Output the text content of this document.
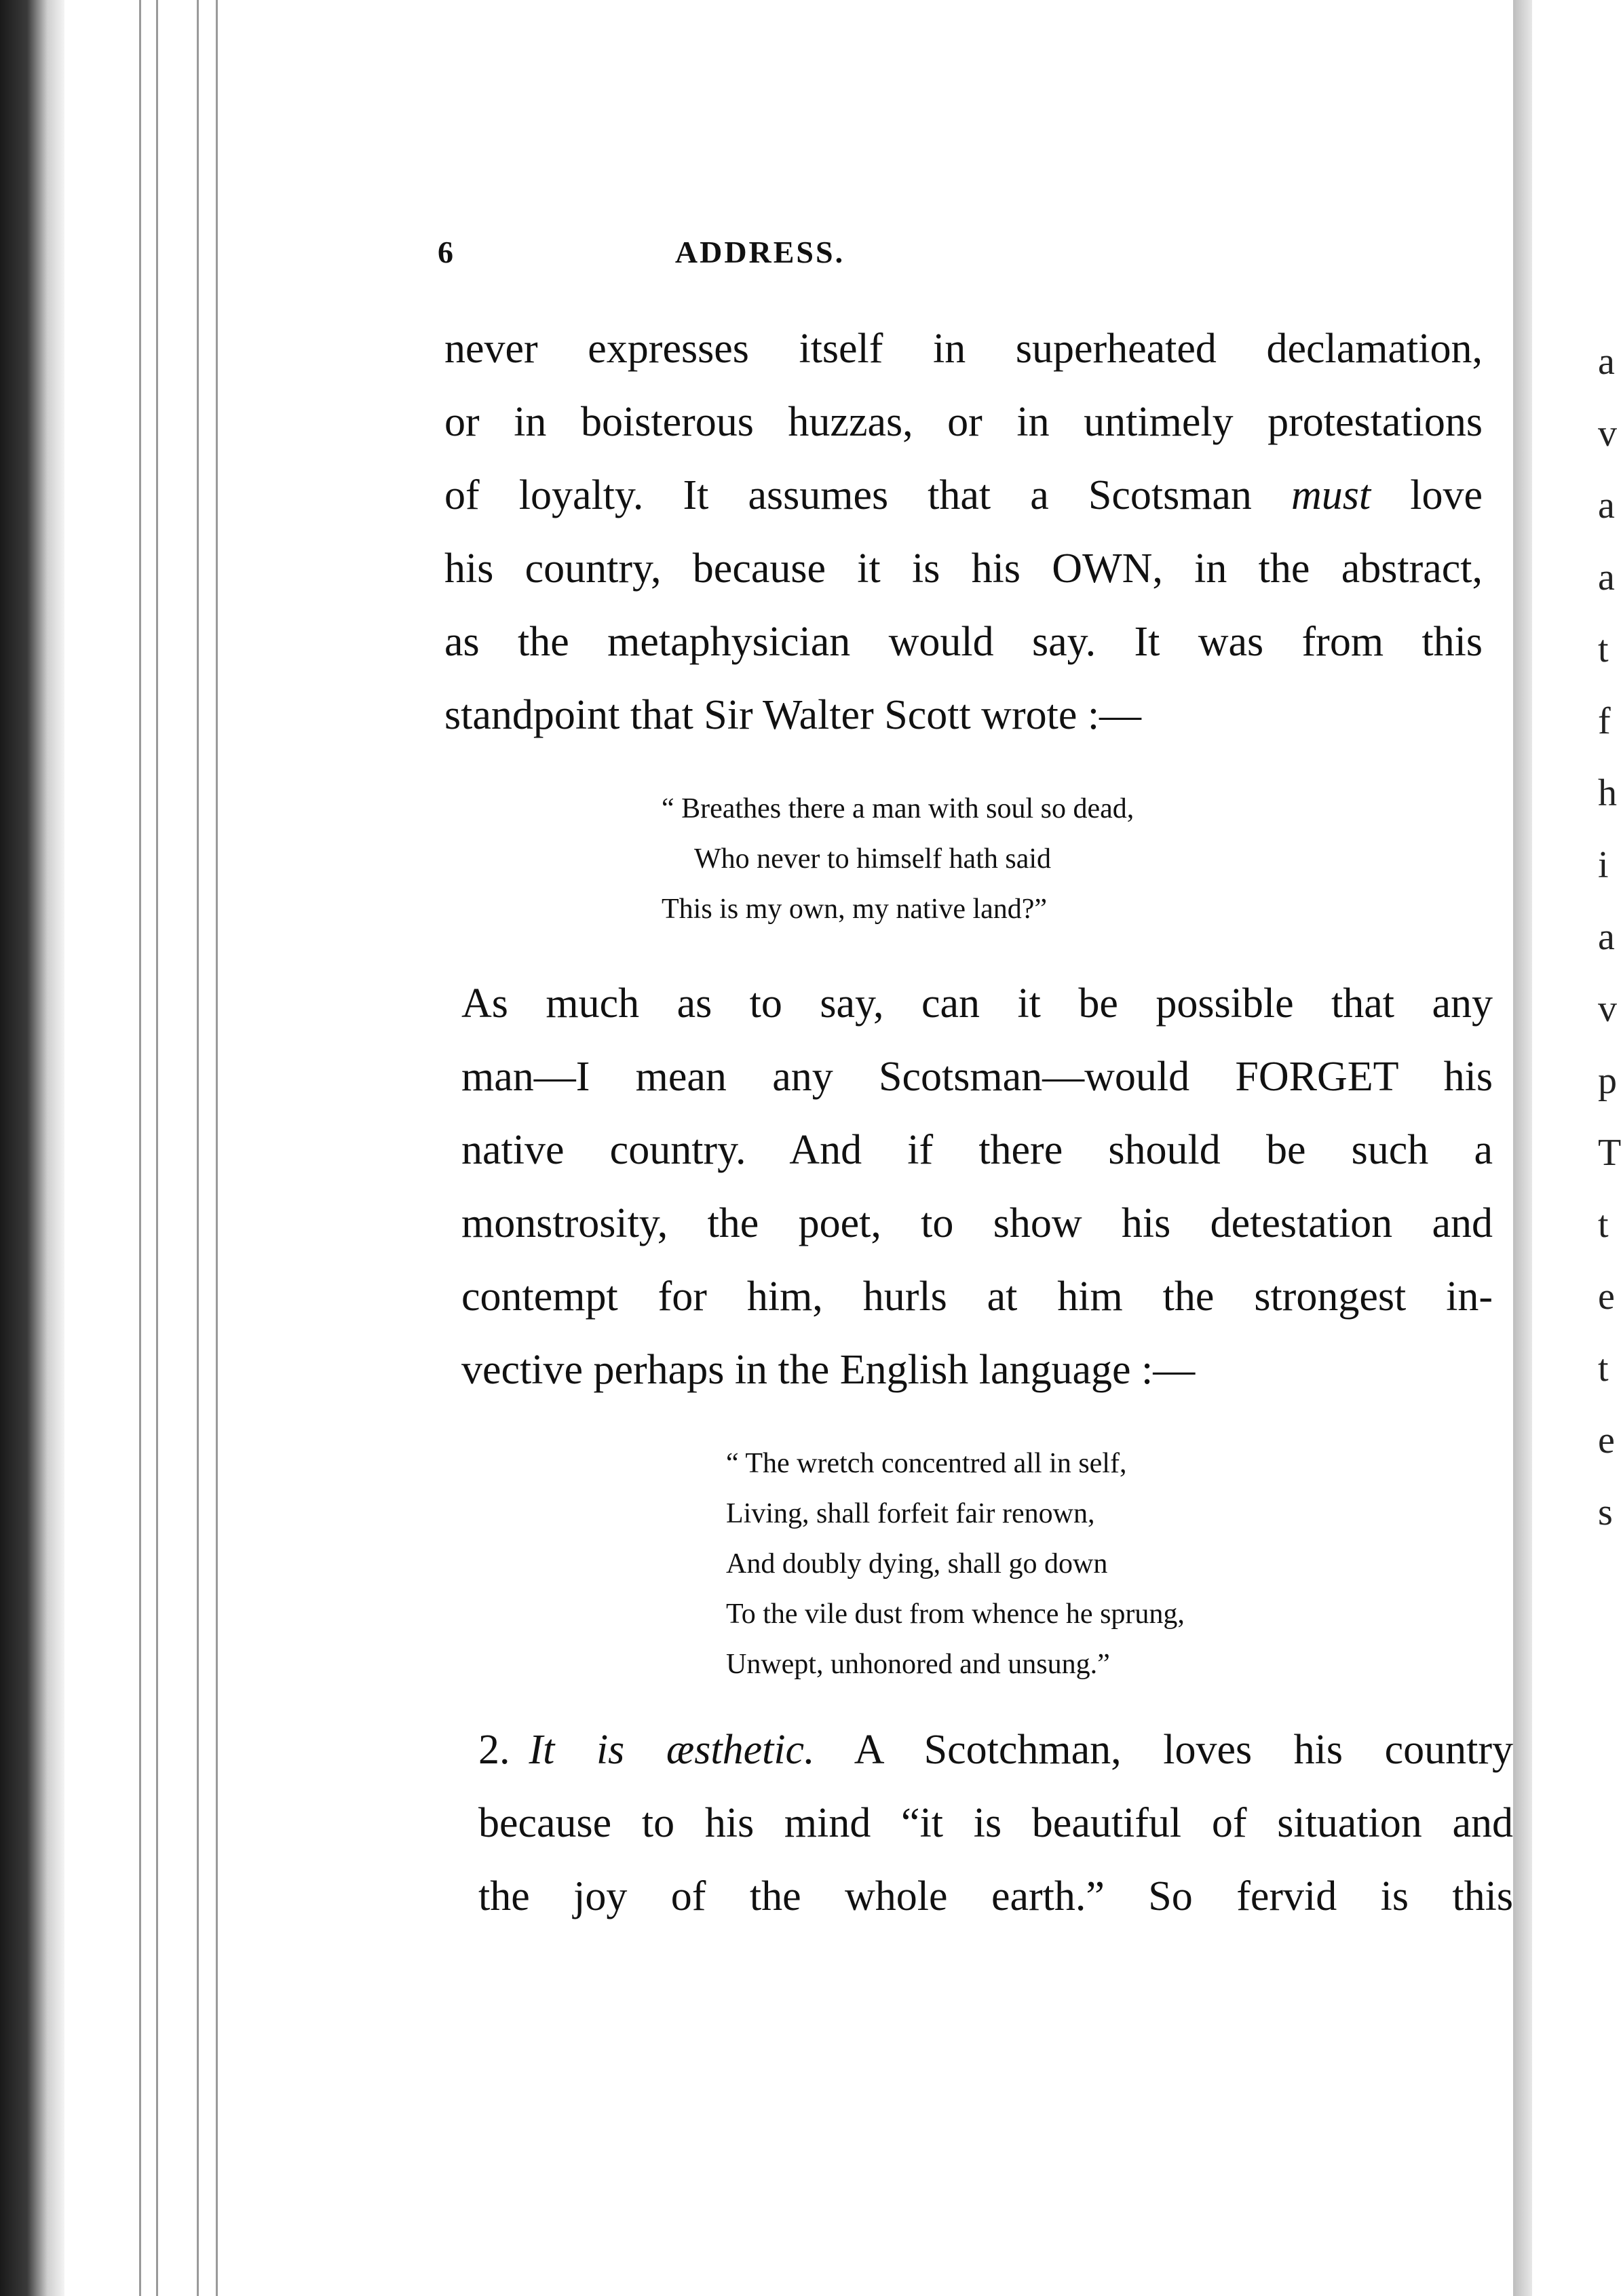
6	ADDRESS.
never expresses itself in superheated declamation,
or in boisterous huzzas, or in untimely protestations
of loyalty. It assumes that a Scotsman must love
his country, because it is his OWN, in the abstract,
as the metaphysician would say. It was from this
standpoint that Sir Walter Scott wrote :—
“ Breathes there a man with soul so dead,
Who never to himself hath said
This is my own, my native land?”
As much as to say, can it be possible that any
man—I mean any Scotsman—would FORGET his
native country. And if there should be such a
monstrosity, the poet, to show his detestation and
contempt for him, hurls at him the strongest in-
vective perhaps in the English language :—
“ The wretch concentred all in self,
Living, shall forfeit fair renown,
And doubly dying, shall go down
To the vile dust from whence he sprung,
Unwept, unhonored and unsung.”
2. It is æsthetic. A Scotchman, loves his country
because to his mind “it is beautiful of situation and
the joy of the whole earth.” So fervid is this
a
v
a
a
t
f
h
i
a
v
p
T
t
e
t
e
s
